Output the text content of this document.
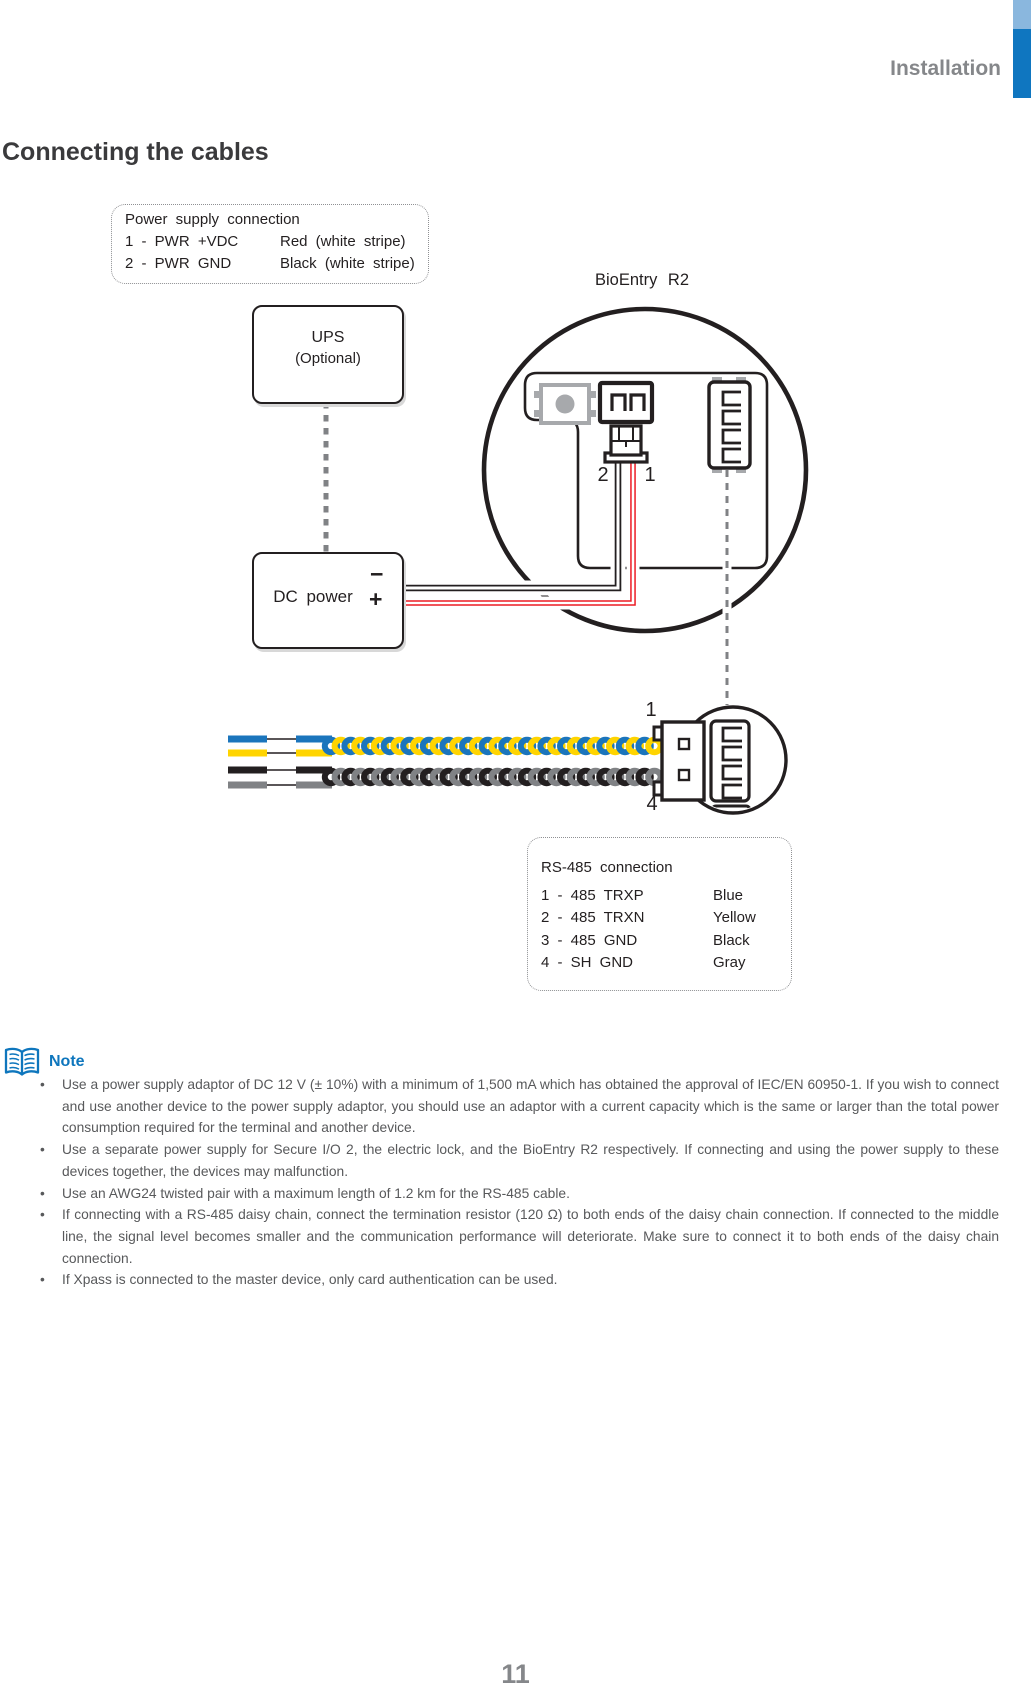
Installation
Connecting the cables
Power supply connection
1 - PWR +VDC	Red (white stripe)
2 - PWR GND	Black (white stripe)
UPS
(Optional)
DC power
−
+
BioEntry R2
2 1
1
4
RS-485 connection
1 - 485 TRXP	Blue
2 - 485 TRXN	Yellow
3 - 485 GND	Black
4 - SH GND	Gray
Note
• Use a power supply adaptor of DC 12 V (± 10%) with a minimum of 1,500 mA which has obtained the approval of IEC/EN 60950-1. If you wish to connect and use another device to the power supply adaptor, you should use an adaptor with a current capacity which is the same or larger than the total power consumption required for the terminal and another device.
• Use a separate power supply for Secure I/O 2, the electric lock, and the BioEntry R2 respectively. If connecting and using the power supply to these devices together, the devices may malfunction.
• Use an AWG24 twisted pair with a maximum length of 1.2 km for the RS-485 cable.
• If connecting with a RS-485 daisy chain, connect the termination resistor (120 Ω) to both ends of the daisy chain connection. If connected to the middle line, the signal level becomes smaller and the communication performance will deteriorate. Make sure to connect it to both ends of the daisy chain connection.
• If Xpass is connected to the master device, only card authentication can be used.
11
